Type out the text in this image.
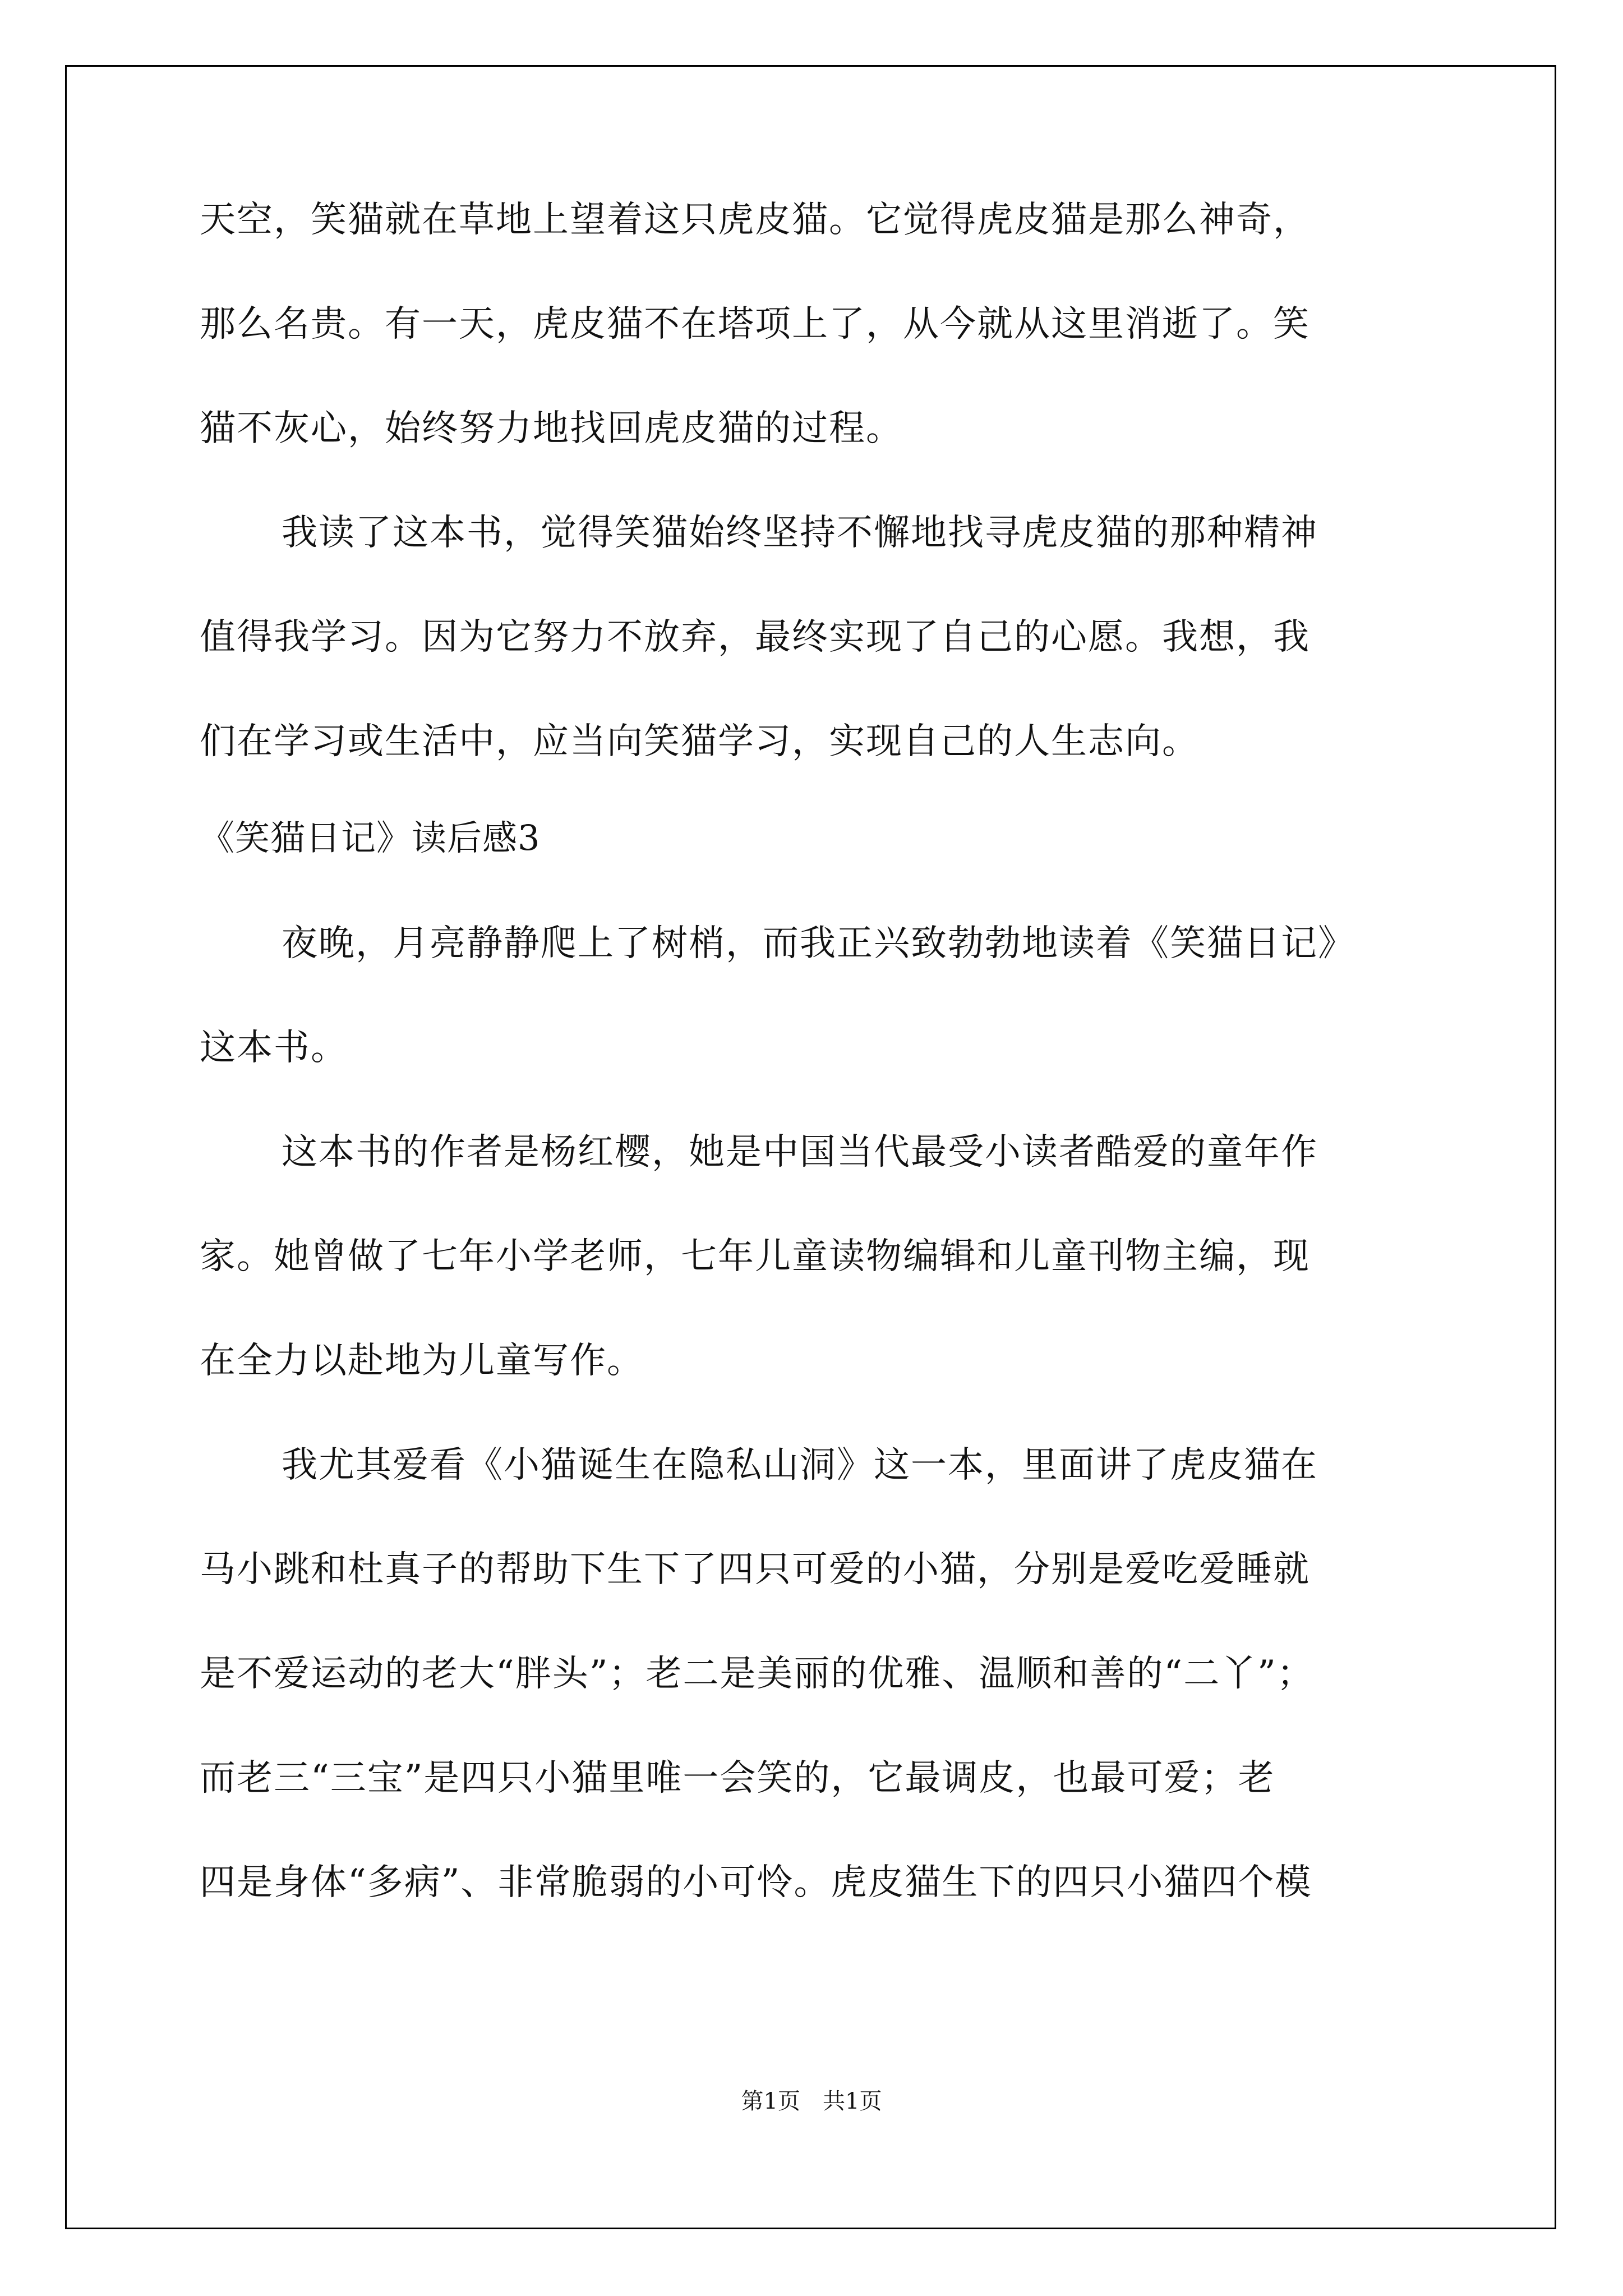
天空，笑猫就在草地上望着这只虎皮猫。它觉得虎皮猫是那么神奇，
那么名贵。有一天，虎皮猫不在塔项上了，从今就从这里消逝了。笑
猫不灰心，始终努力地找回虎皮猫的过程。
我读了这本书，觉得笑猫始终坚持不懈地找寻虎皮猫的那种精神
值得我学习。因为它努力不放弃，最终实现了自己的心愿。我想，我
们在学习或生活中，应当向笑猫学习，实现自己的人生志向。
《笑猫日记》读后感3
夜晚，月亮静静爬上了树梢，而我正兴致勃勃地读着《笑猫日记》
这本书。
这本书的作者是杨红樱，她是中国当代最受小读者酷爱的童年作
家。她曾做了七年小学老师，七年儿童读物编辑和儿童刊物主编，现
在全力以赴地为儿童写作。
我尤其爱看《小猫诞生在隐私山洞》这一本，里面讲了虎皮猫在
马小跳和杜真子的帮助下生下了四只可爱的小猫，分别是爱吃爱睡就
是不爱运动的老大“胖头”；老二是美丽的优雅、温顺和善的“二丫”；
而老三“三宝”是四只小猫里唯一会笑的，它最调皮，也最可爱；老
四是身体“多病”、非常脆弱的小可怜。虎皮猫生下的四只小猫四个模
第1页 共1页
